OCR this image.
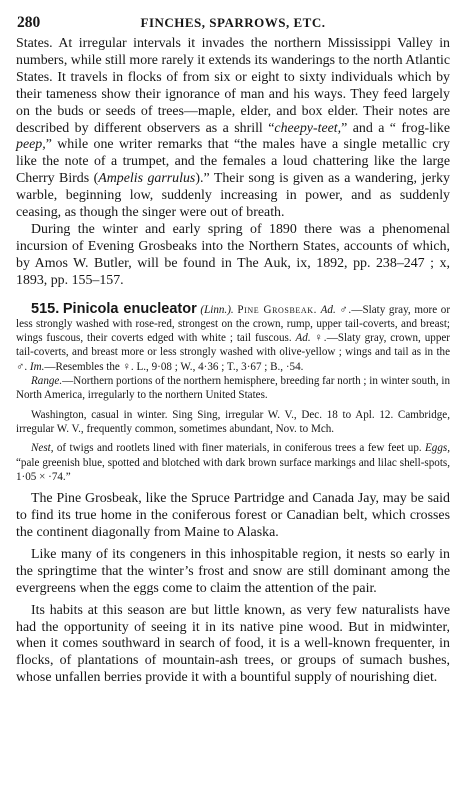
280	FINCHES, SPARROWS, ETC.

States. At irregular intervals it invades the northern Mississippi Valley in numbers, while still more rarely it extends its wanderings to the north Atlantic States. It travels in flocks of from six or eight to sixty individuals which by their tameness show their ignorance of man and his ways. They feed largely on the buds or seeds of trees—maple, elder, and box elder. Their notes are described by different observers as a shrill “cheepy-teet,” and a “ frog-like peep,” while one writer remarks that “the males have a single metallic cry like the note of a trumpet, and the females a loud chattering like the large Cherry Birds (Ampelis garrulus).” Their song is given as a wandering, jerky warble, beginning low, suddenly increasing in power, and as suddenly ceasing, as though the singer were out of breath.

During the winter and early spring of 1890 there was a phenomenal incursion of Evening Grosbeaks into the Northern States, accounts of which, by Amos W. Butler, will be found in The Auk, ix, 1892, pp. 238–247 ; x, 1893, pp. 155–157.

515. Pinicola enucleator (Linn.). Pine Grosbeak. Ad. ♂.—Slaty gray, more or less strongly washed with rose-red, strongest on the crown, rump, upper tail-coverts, and breast; wings fuscous, their coverts edged with white ; tail fuscous. Ad. ♀.—Slaty gray, crown, upper tail-coverts, and breast more or less strongly washed with olive-yellow ; wings and tail as in the ♂. Im.—Resembles the ♀. L., 9·08 ; W., 4·36 ; T., 3·67 ; B., ·54.

Range.—Northern portions of the northern hemisphere, breeding far north ; in winter south, in North America, irregularly to the northern United States.

Washington, casual in winter. Sing Sing, irregular W. V., Dec. 18 to Apl. 12. Cambridge, irregular W. V., frequently common, sometimes abundant, Nov. to Mch.

Nest, of twigs and rootlets lined with finer materials, in coniferous trees a few feet up. Eggs, “pale greenish blue, spotted and blotched with dark brown surface markings and lilac shell-spots, 1·05 × ·74.”

The Pine Grosbeak, like the Spruce Partridge and Canada Jay, may be said to find its true home in the coniferous forest or Canadian belt, which crosses the continent diagonally from Maine to Alaska.

Like many of its congeners in this inhospitable region, it nests so early in the springtime that the winter’s frost and snow are still dominant among the evergreens when the eggs come to claim the attention of the pair.

Its habits at this season are but little known, as very few naturalists have had the opportunity of seeing it in its native pine wood. But in midwinter, when it comes southward in search of food, it is a well-known frequenter, in flocks, of plantations of mountain-ash trees, or groups of sumach bushes, whose unfallen berries provide it with a bountiful supply of nourishing diet.
